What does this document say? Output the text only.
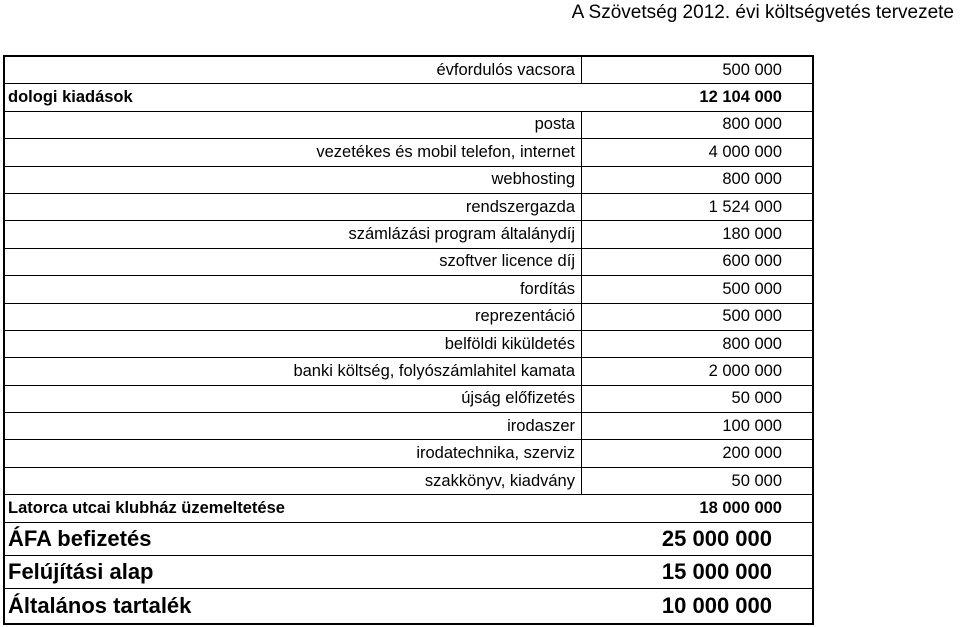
A Szövetség 2012. évi költségvetés tervezete
évfordulós vacsora	500 000
dologi kiadások	12 104 000
posta	800 000
vezetékes és mobil telefon, internet	4 000 000
webhosting	800 000
rendszergazda	1 524 000
számlázási program általánydíj	180 000
szoftver licence díj	600 000
fordítás	500 000
reprezentáció	500 000
belföldi kiküldetés	800 000
banki költség, folyószámlahitel kamata	2 000 000
újság előfizetés	50 000
irodaszer	100 000
irodatechnika, szerviz	200 000
szakkönyv, kiadvány	50 000
Latorca utcai klubház üzemeltetése	18 000 000
ÁFA befizetés	25 000 000
Felújítási alap	15 000 000
Általános tartalék	10 000 000
